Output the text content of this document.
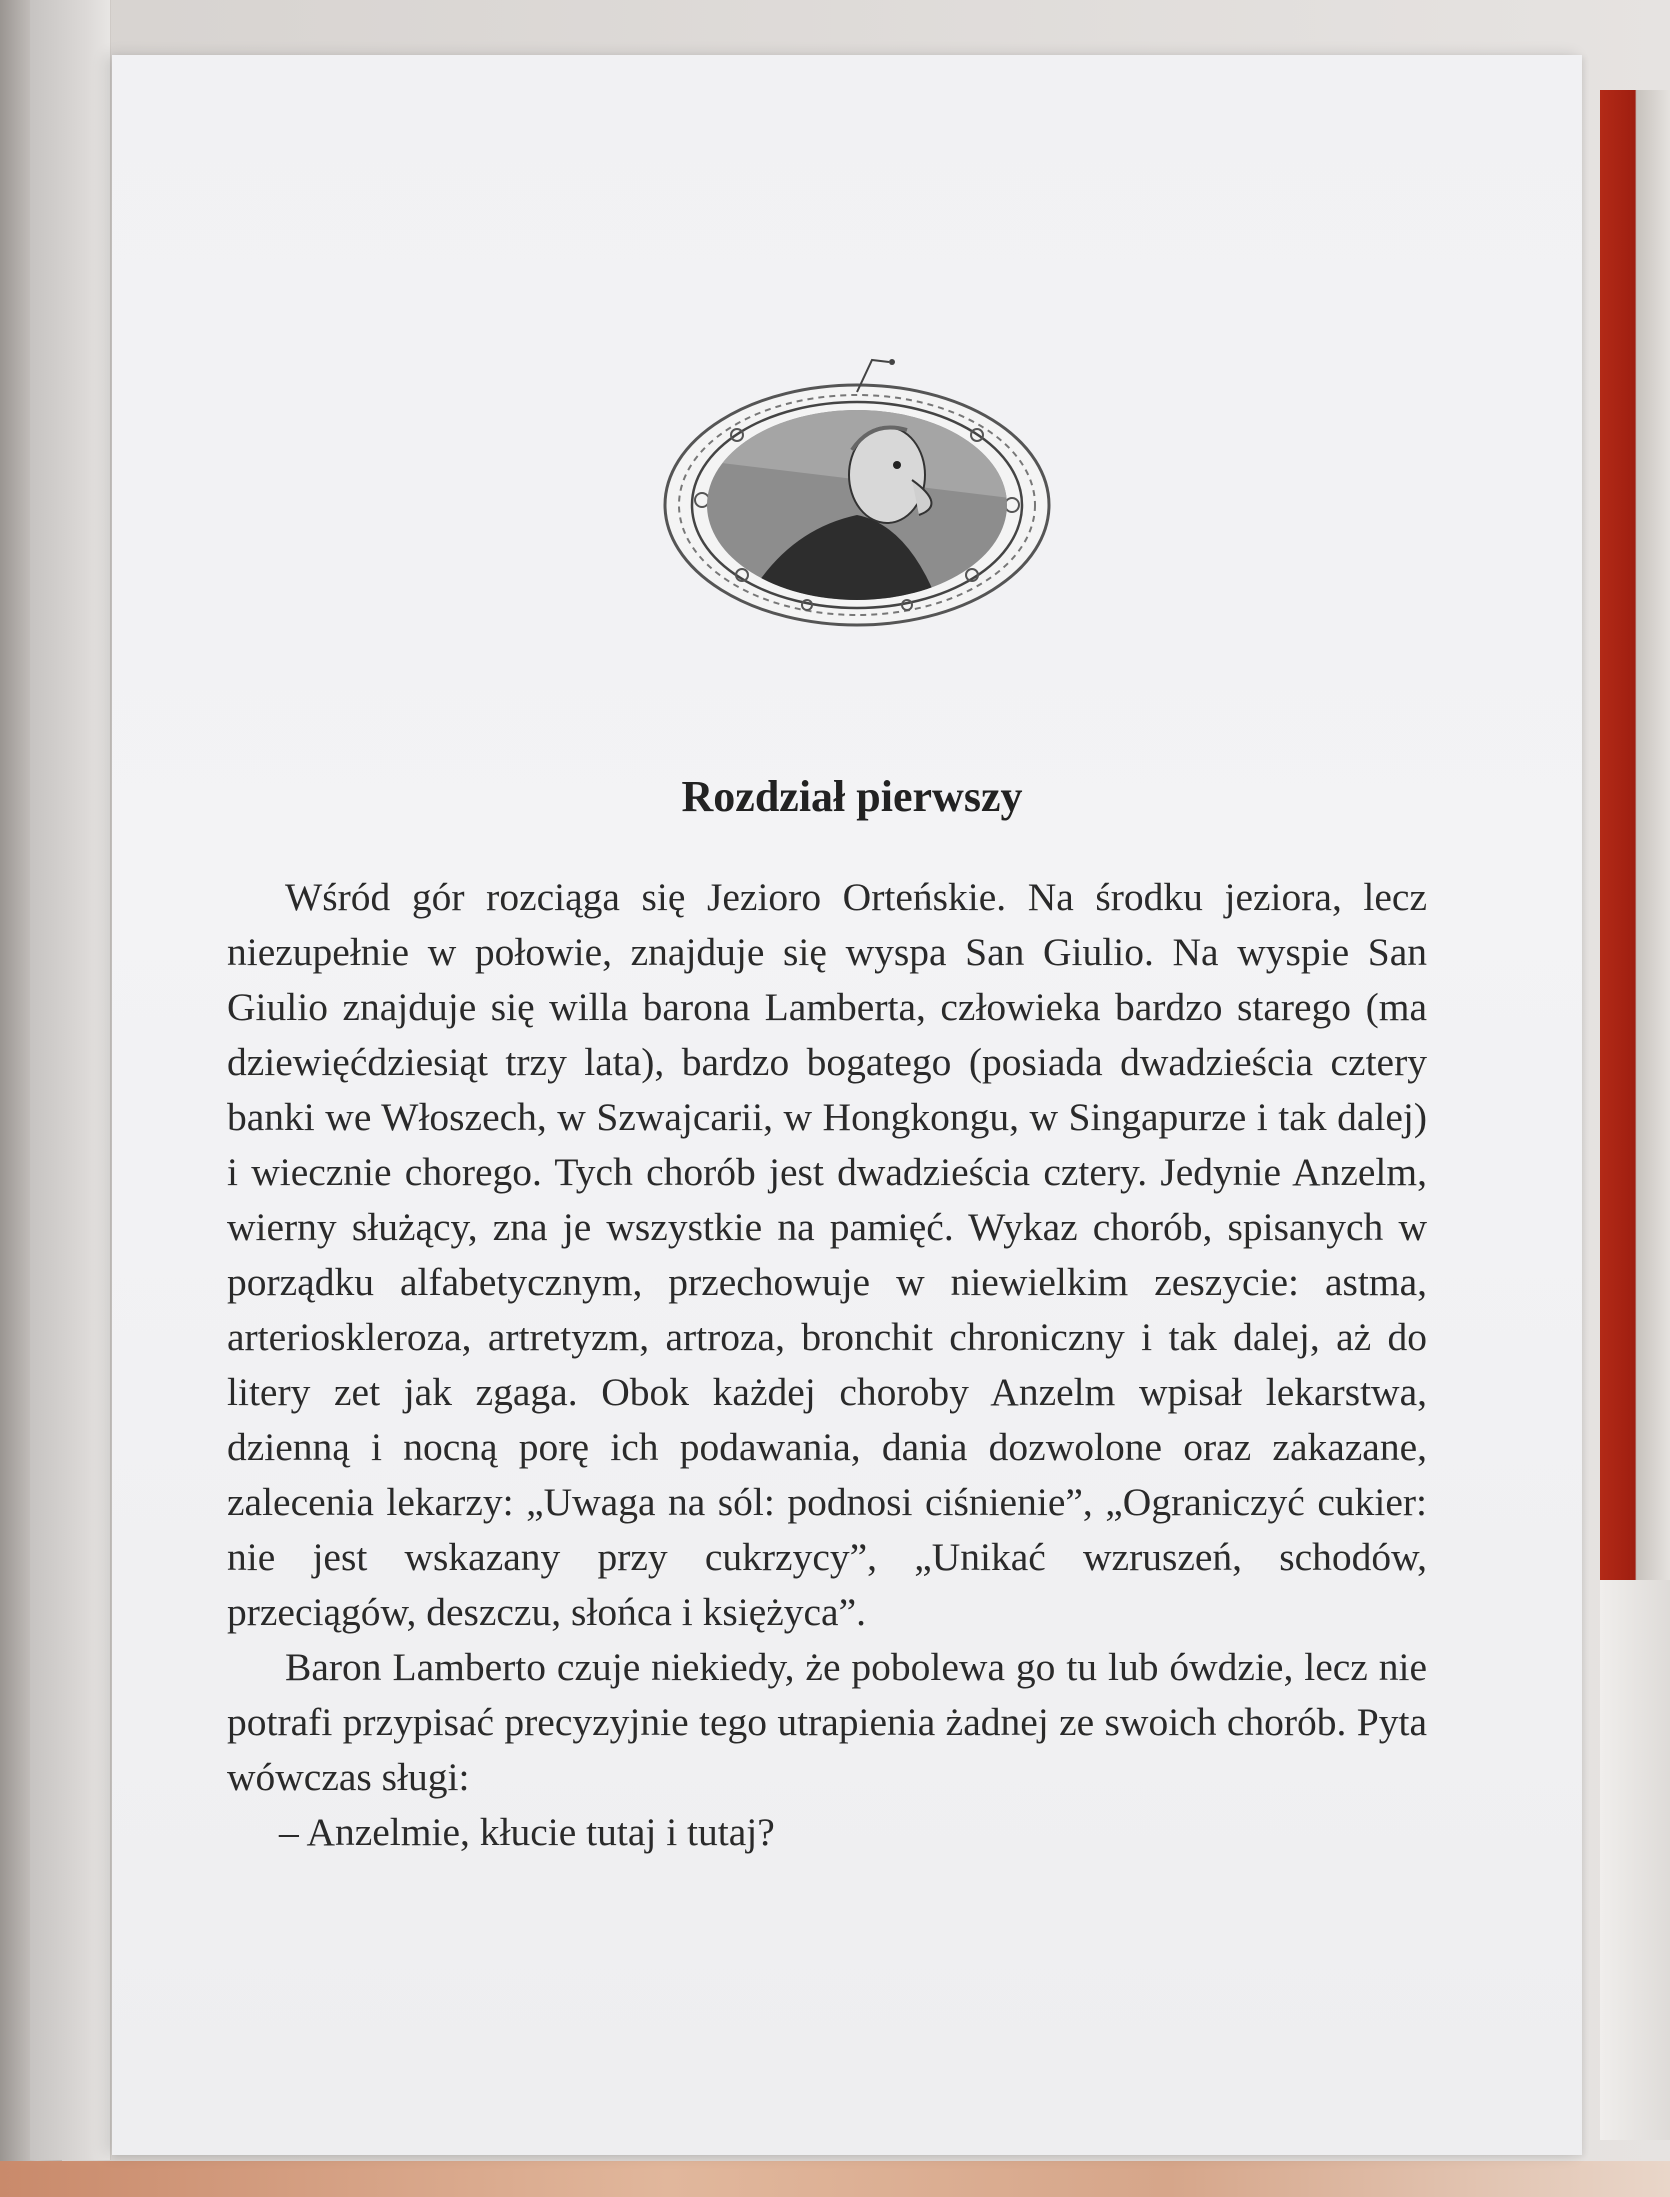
Rozdział pierwszy

Wśród gór rozciąga się Jezioro Orteńskie. Na środku jeziora, lecz niezupełnie w połowie, znajduje się wyspa San Giulio. Na wyspie San Giulio znajduje się willa barona Lamberta, człowieka bardzo starego (ma dziewięćdziesiąt trzy lata), bardzo bogatego (posiada dwadzieścia cztery banki we Włoszech, w Szwajcarii, w Hongkongu, w Singapurze i tak dalej) i wiecznie chorego. Tych chorób jest dwadzieścia cztery. Jedynie Anzelm, wierny służący, zna je wszystkie na pamięć. Wykaz chorób, spisanych w porządku alfabetycznym, przechowuje w niewielkim zeszycie: astma, arterioskleroza, artretyzm, artroza, bronchit chroniczny i tak dalej, aż do litery zet jak zgaga. Obok każdej choroby Anzelm wpisał lekarstwa, dzienną i nocną porę ich podawania, dania dozwolone oraz zakazane, zalecenia lekarzy: „Uwaga na sól: podnosi ciśnienie”, „Ograniczyć cukier: nie jest wskazany przy cukrzycy”, „Unikać wzruszeń, schodów, przeciągów, deszczu, słońca i księżyca”.

Baron Lamberto czuje niekiedy, że pobolewa go tu lub ówdzie, lecz nie potrafi przypisać precyzyjnie tego utrapienia żadnej ze swoich chorób. Pyta wówczas sługi:

– Anzelmie, kłucie tutaj i tutaj?
